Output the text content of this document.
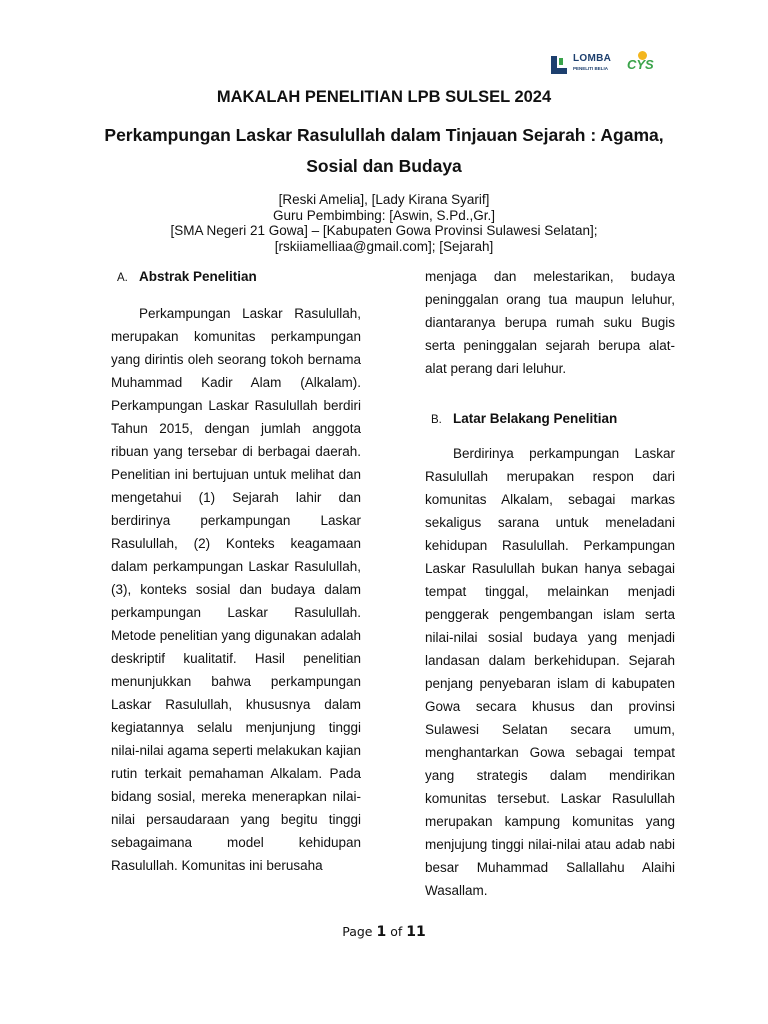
LOMBA
PENELITI BELIA CYS
MAKALAH PENELITIAN LPB SULSEL 2024
Perkampungan Laskar Rasulullah dalam Tinjauan Sejarah : Agama, Sosial dan Budaya
[Reski Amelia], [Lady Kirana Syarif]
Guru Pembimbing: [Aswin, S.Pd.,Gr.]
[SMA Negeri 21 Gowa] – [Kabupaten Gowa Provinsi Sulawesi Selatan];
[rskiiamelliaa@gmail.com]; [Sejarah]

A. Abstrak Penelitian

Perkampungan Laskar Rasulullah, merupakan komunitas perkampungan yang dirintis oleh seorang tokoh bernama Muhammad Kadir Alam (Alkalam). Perkampungan Laskar Rasulullah berdiri Tahun 2015, dengan jumlah anggota ribuan yang tersebar di berbagai daerah. Penelitian ini bertujuan untuk melihat dan mengetahui (1) Sejarah lahir dan berdirinya perkampungan Laskar Rasulullah, (2) Konteks keagamaan dalam perkampungan Laskar Rasulullah, (3), konteks sosial dan budaya dalam perkampungan Laskar Rasulullah. Metode penelitian yang digunakan adalah deskriptif kualitatif. Hasil penelitian menunjukkan bahwa perkampungan Laskar Rasulullah, khususnya dalam kegiatannya selalu menjunjung tinggi nilai-nilai agama seperti melakukan kajian rutin terkait pemahaman Alkalam. Pada bidang sosial, mereka menerapkan nilai-nilai persaudaraan yang begitu tinggi sebagaimana model kehidupan Rasulullah. Komunitas ini berusaha

menjaga dan melestarikan, budaya peninggalan orang tua maupun leluhur, diantaranya berupa rumah suku Bugis serta peninggalan sejarah berupa alat-alat perang dari leluhur.

B. Latar Belakang Penelitian

Berdirinya perkampungan Laskar Rasulullah merupakan respon dari komunitas Alkalam, sebagai markas sekaligus sarana untuk meneladani kehidupan Rasulullah. Perkampungan Laskar Rasulullah bukan hanya sebagai tempat tinggal, melainkan menjadi penggerak pengembangan islam serta nilai-nilai sosial budaya yang menjadi landasan dalam berkehidupan. Sejarah penjang penyebaran islam di kabupaten Gowa secara khusus dan provinsi Sulawesi Selatan secara umum, menghantarkan Gowa sebagai tempat yang strategis dalam mendirikan komunitas tersebut. Laskar Rasulullah merupakan kampung komunitas yang menjujung tinggi nilai-nilai atau adab nabi besar Muhammad Sallallahu Alaihi Wasallam.

Page 1 of 11
